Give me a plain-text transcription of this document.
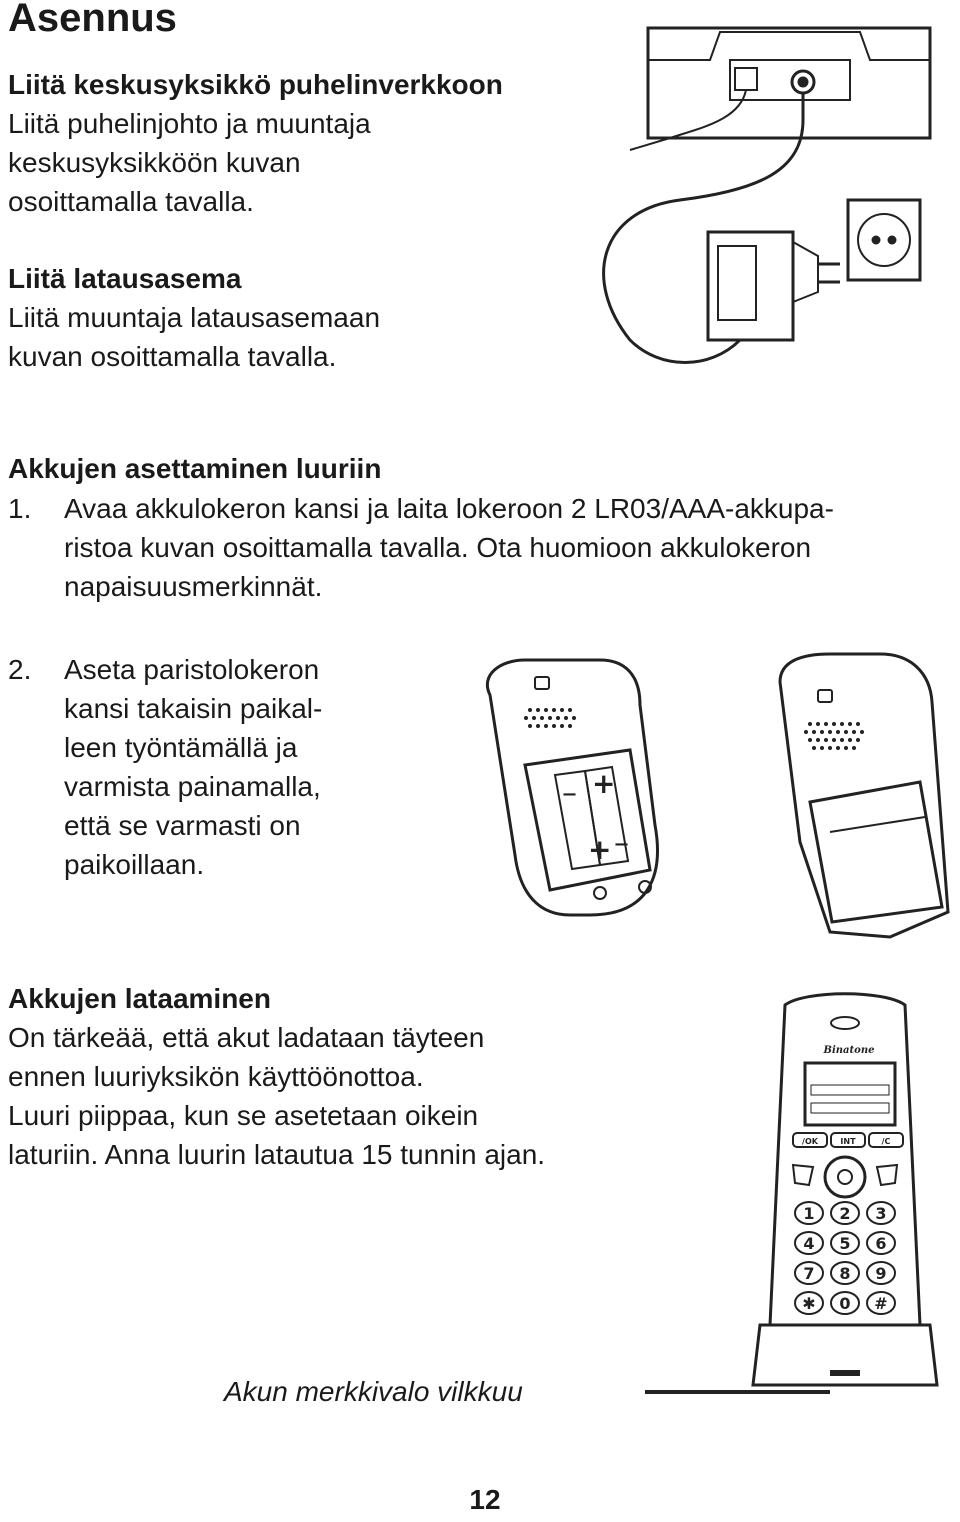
Asennus

Liitä keskusyksikkö puhelinverkkoon

Liitä puhelinjohto ja muuntaja

keskusyksikköön kuvan

osoittamalla tavalla.

Liitä latausasema

Liitä muuntaja latausasemaan

kuvan osoittamalla tavalla.

Akkujen asettaminen luuriin

1. Avaa akkulokeron kansi ja laita lokeroon 2 LR03/AAA-akkupa-

ristoa kuvan osoittamalla tavalla. Ota huomioon akkulokeron

napaisuusmerkinnät.

2. Aseta paristolokeron

kansi takaisin paikal-

leen työntämällä ja

varmista painamalla,

että se varmasti on

paikoillaan.

Akkujen lataaminen

On tärkeää, että akut ladataan täyteen

ennen luuriyksikön käyttöönottoa.

Luuri piippaa, kun se asetetaan oikein

laturiin. Anna luurin latautua 15 tunnin ajan.

– +
+ –
Binatone
/OK	INT	/C
1 2 3
4 5 6
7 8 9
✱ 0 #
Akun merkkivalo vilkkuu
12
